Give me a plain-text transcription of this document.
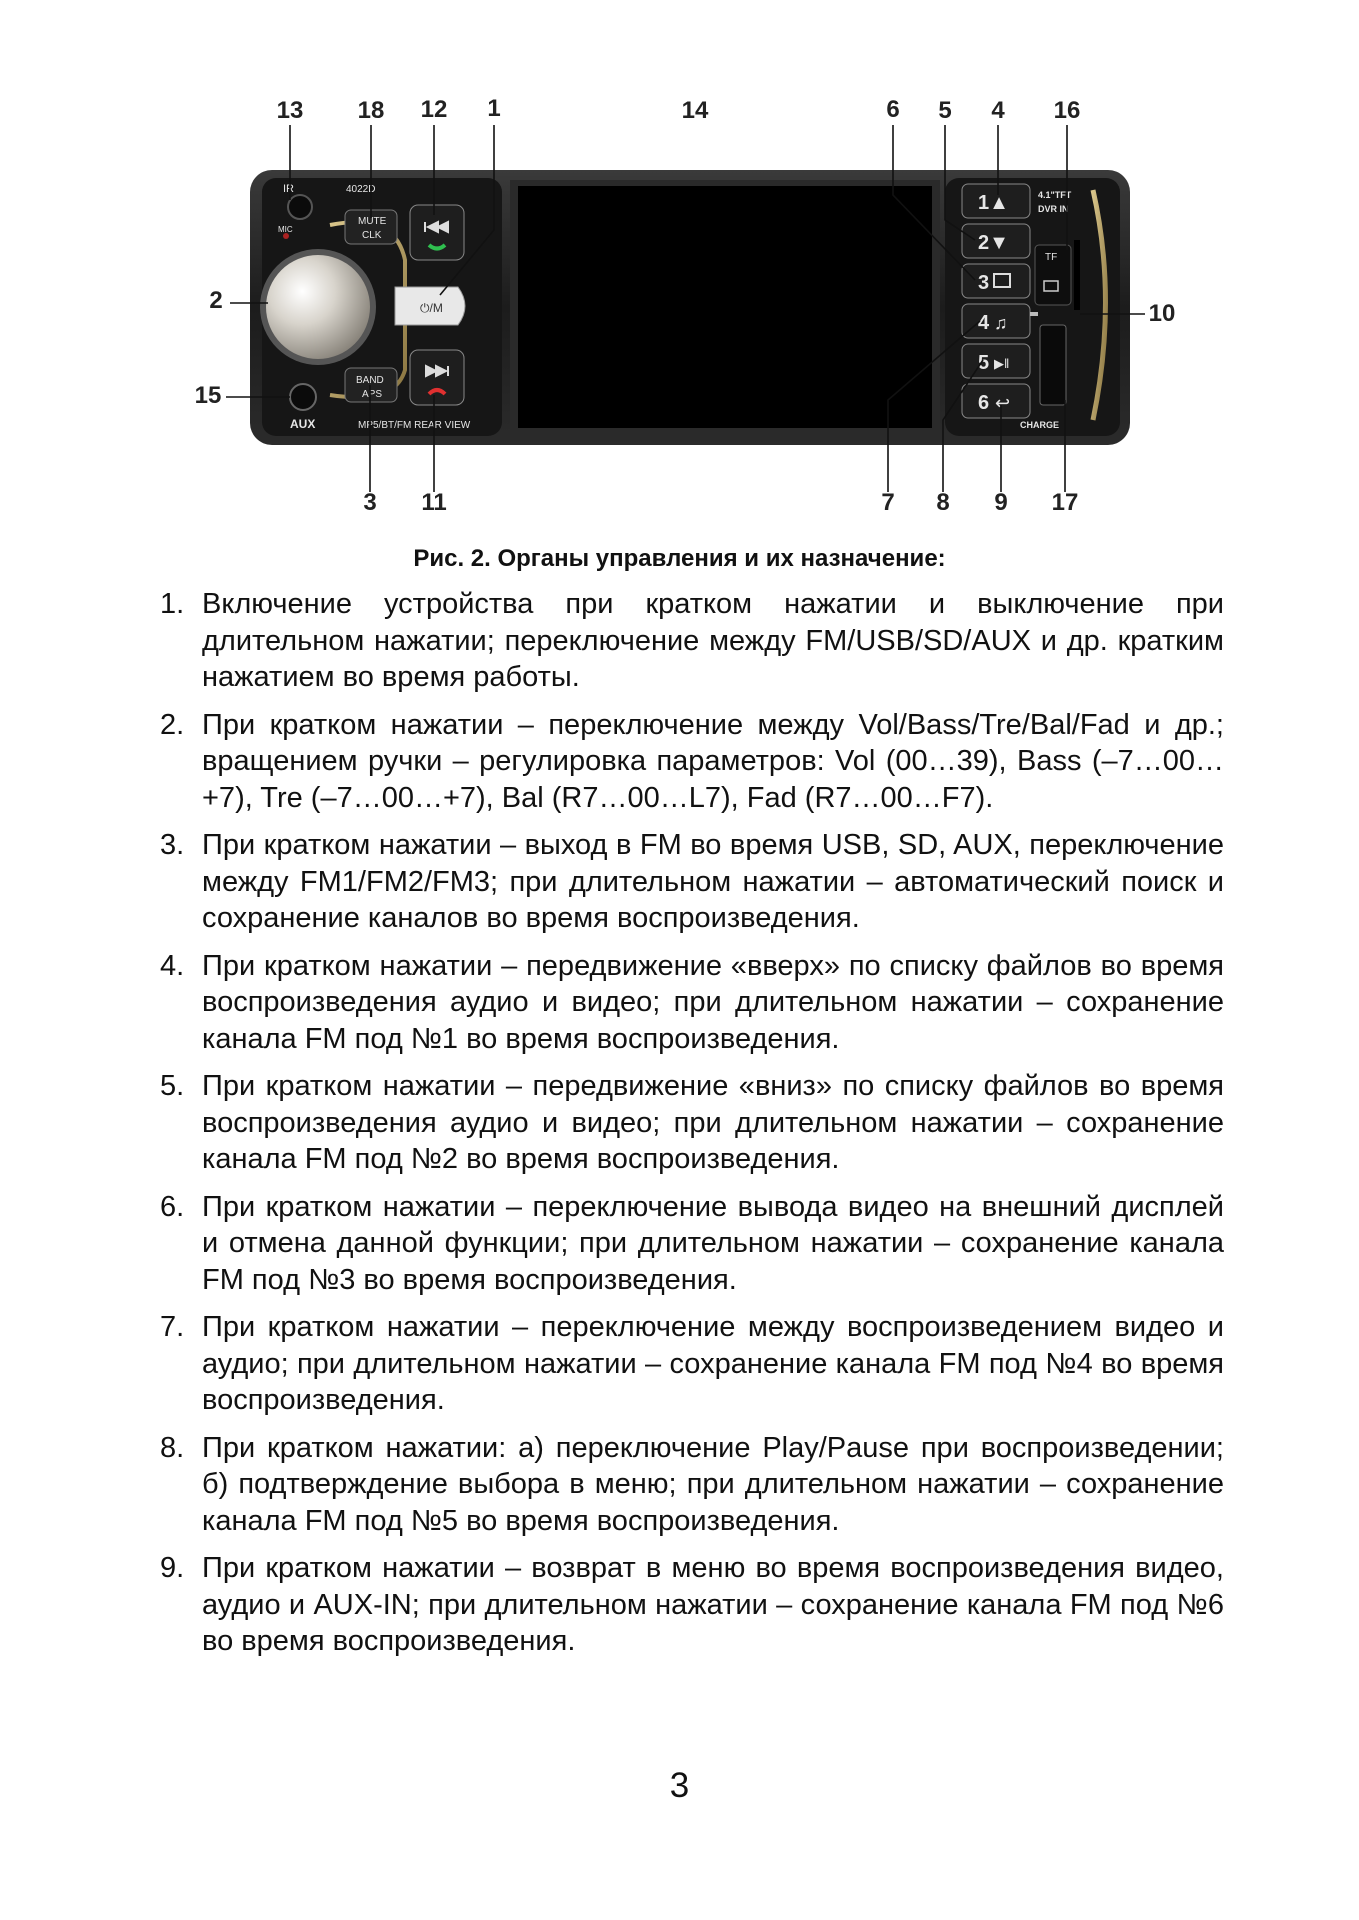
IR
MIC
4022D
MUTE
CLK
BAND
APS
AUX	MP5/BT/FM REAR VIEW
⏻/M
1▲
2▼
3
4 ♫
5 ▶‖
6 ↩
4.1"TFT
DVR IN
TF
CHARGE
13 18 12 1	14	6 5 4 16
3 11	7 8 9 17
2
15
10
Рис. 2. Органы управления и их назначение:
1. Включение устройства при кратком нажатии и выключение при длительном нажатии; переключение между FM/USB/SD/AUX и др. кратким нажатием во время работы.
2. При кратком нажатии – переключение между Vol/Bass/Tre/Bal/Fad и др.; вращением ручки – регулировка параметров: Vol (00…39), Bass (–7…00…+7), Tre (–7…00…+7), Bal (R7…00…L7), Fad (R7…00…F7).
3. При кратком нажатии – выход в FM во время USB, SD, AUX, переключение между FM1/FM2/FM3; при длительном нажатии – автоматический поиск и сохранение каналов во время воспроизведения.
4. При кратком нажатии – передвижение «вверх» по списку файлов во время воспроизведения аудио и видео; при длительном нажатии – сохранение канала FM под №1 во время воспроизведения.
5. При кратком нажатии – передвижение «вниз» по списку файлов во время воспроизведения аудио и видео; при длительном нажатии – сохранение канала FM под №2 во время воспроизведения.
6. При кратком нажатии – переключение вывода видео на внешний дисплей и отмена данной функции; при длительном нажатии – сохранение канала FM под №3 во время воспроизведения.
7. При кратком нажатии – переключение между воспроизведением видео и аудио; при длительном нажатии – сохранение канала FM под №4 во время воспроизведения.
8. При кратком нажатии: а) переключение Play/Pause при воспроизведении; б) подтверждение выбора в меню; при длительном нажатии – сохранение канала FM под №5 во время воспроизведения.
9. При кратком нажатии – возврат в меню во время воспроизведения видео, аудио и AUX-IN; при длительном нажатии – сохранение канала FM под №6 во время воспроизведения.
3
